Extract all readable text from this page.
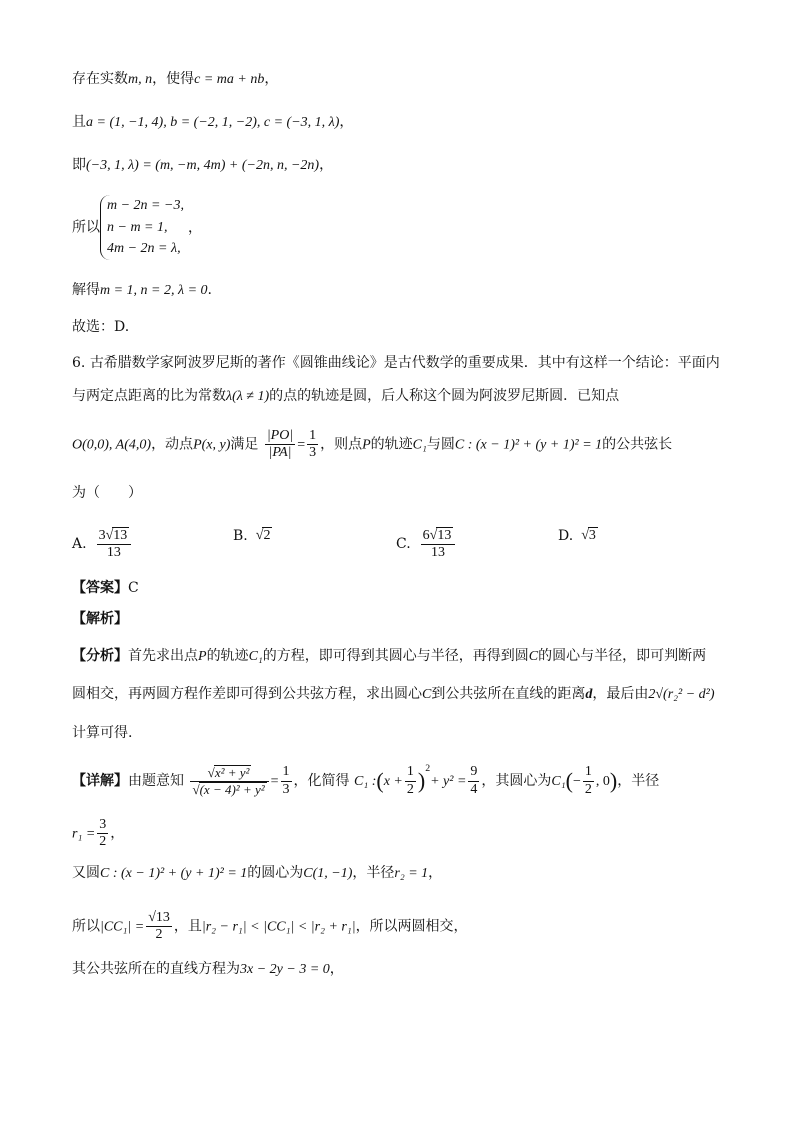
存在实数m, n，使得c = ma + nb，
且a = (1, −1, 4), b = (−2, 1, −2), c = (−3, 1, λ)，
即(−3, 1, λ) = (m, −m, 4m) + (−2n, n, −2n)，
所以
m − 2n = −3,
n − m = 1,
4m − 2n = λ,
，
解得m = 1, n = 2, λ = 0.
故选：D.
6. 古希腊数学家阿波罗尼斯的著作《圆锥曲线论》是古代数学的重要成果．其中有这样一个结论：平面内
与两定点距离的比为常数λ(λ ≠ 1)的点的轨迹是圆，后人称这个圆为阿波罗尼斯圆．已知点
O(0,0), A(4,0)，动点P(x, y)满足 $\frac{|PO|}{|PA|} = \frac{1}{3}$ ，则点P的轨迹C₁与圆C : (x − 1)² + (y + 1)² = 1的公共弦长
为（　　）
A. $\frac{3√13}{13}$	B. √2
C. $\frac{6√13}{13}$	D. √3
【答案】C
【解析】
【分析】首先求出点P的轨迹C₁的方程，即可得到其圆心与半径，再得到圆C的圆心与半径，即可判断两
圆相交，再两圆方程作差即可得到公共弦方程，求出圆心C到公共弦所在直线的距离d，最后由2√(r₂² − d²)
计算可得.
【详解】由题意知 $\frac{\text{√x² + y²}}{\text{√(x − 4)² + y²}} = \frac{1}{3}$ ，化简得 C₁ :(x + $\frac{1}{2} )^2+ y^2 = \frac{9}{4}$ ，其圆心为$C_1(- \frac{1}{2}$ , 0)，半径
$r_1 = \frac{3}{2}$ ，
又圆C : (x − 1)² + (y + 1)² = 1的圆心为C(1, −1)，半径r₂ = 1，
所以$|CC_1| = \frac{√13}{2}$ ，且|r₂ − r₁| < |CC₁| < |r₂ + r₁|，所以两圆相交，
其公共弦所在的直线方程为3x − 2y − 3 = 0，
